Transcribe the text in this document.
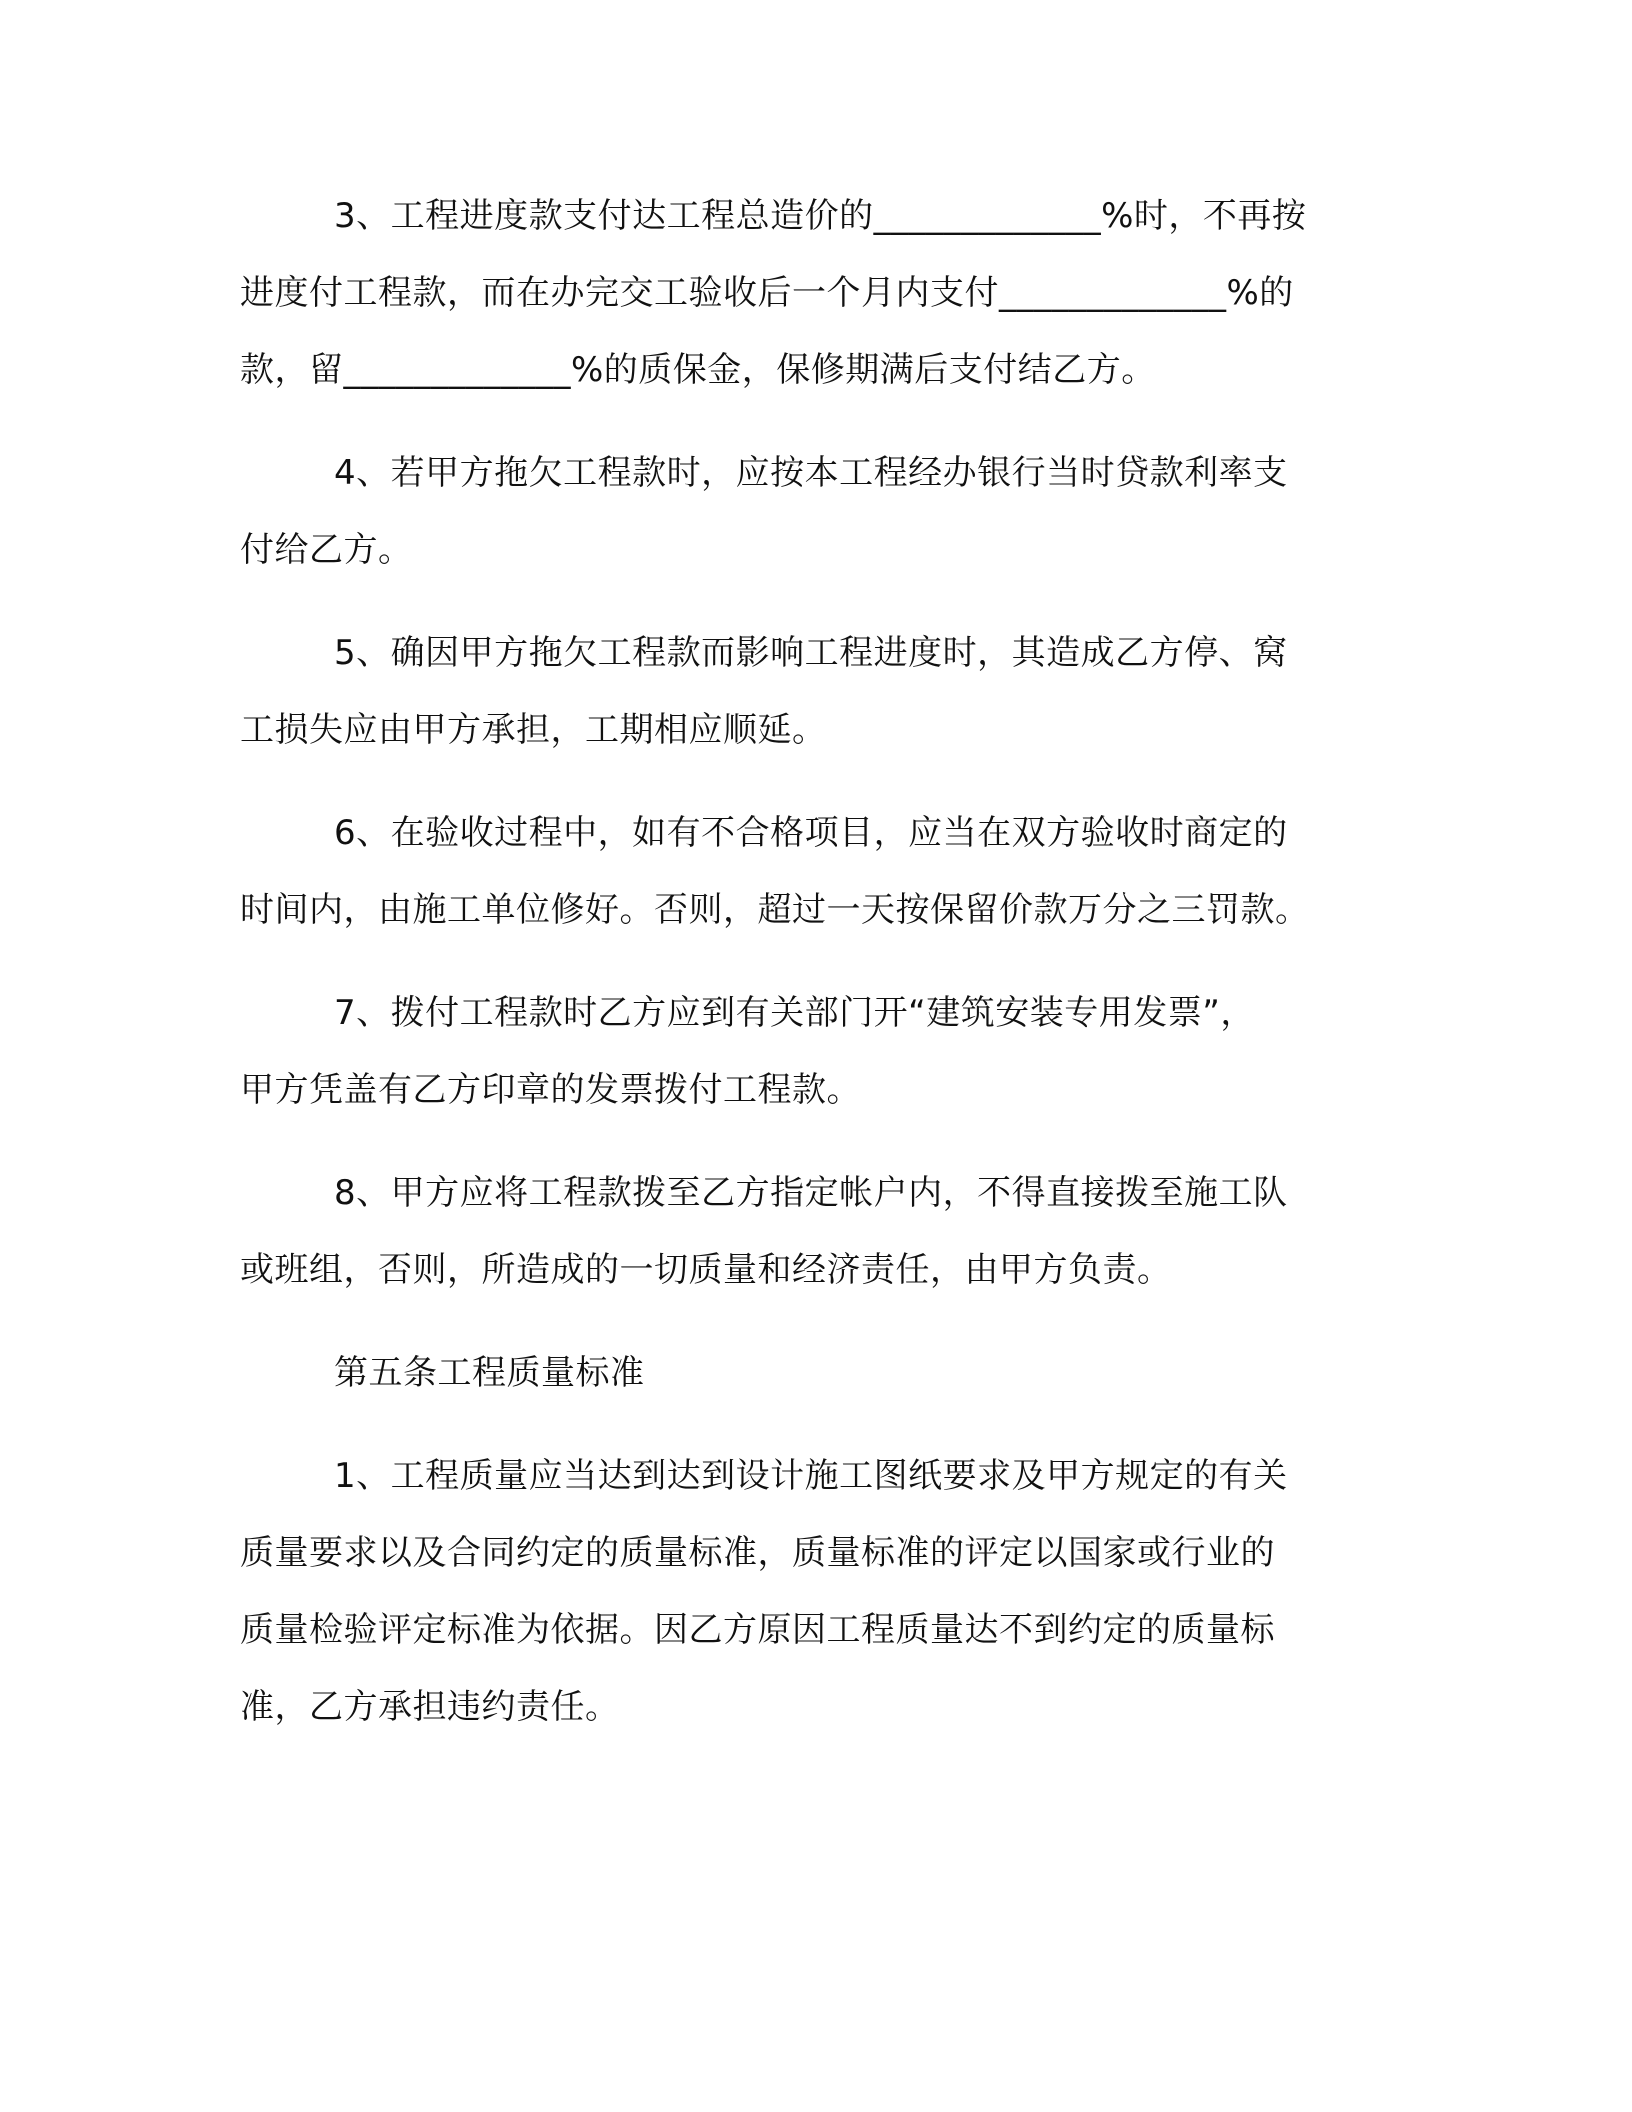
3、工程进度款支付达工程总造价的_____________%时，不再按
进度付工程款，而在办完交工验收后一个月内支付_____________%的
款，留_____________%的质保金，保修期满后支付结乙方。
4、若甲方拖欠工程款时，应按本工程经办银行当时贷款利率支
付给乙方。
5、确因甲方拖欠工程款而影响工程进度时，其造成乙方停、窝
工损失应由甲方承担，工期相应顺延。
6、在验收过程中，如有不合格项目，应当在双方验收时商定的
时间内，由施工单位修好。否则，超过一天按保留价款万分之三罚款。
7、拨付工程款时乙方应到有关部门开“建筑安装专用发票”，
甲方凭盖有乙方印章的发票拨付工程款。
8、甲方应将工程款拨至乙方指定帐户内，不得直接拨至施工队
或班组，否则，所造成的一切质量和经济责任，由甲方负责。
第五条工程质量标准
1、工程质量应当达到达到设计施工图纸要求及甲方规定的有关
质量要求以及合同约定的质量标准，质量标准的评定以国家或行业的
质量检验评定标准为依据。因乙方原因工程质量达不到约定的质量标
准，乙方承担违约责任。
